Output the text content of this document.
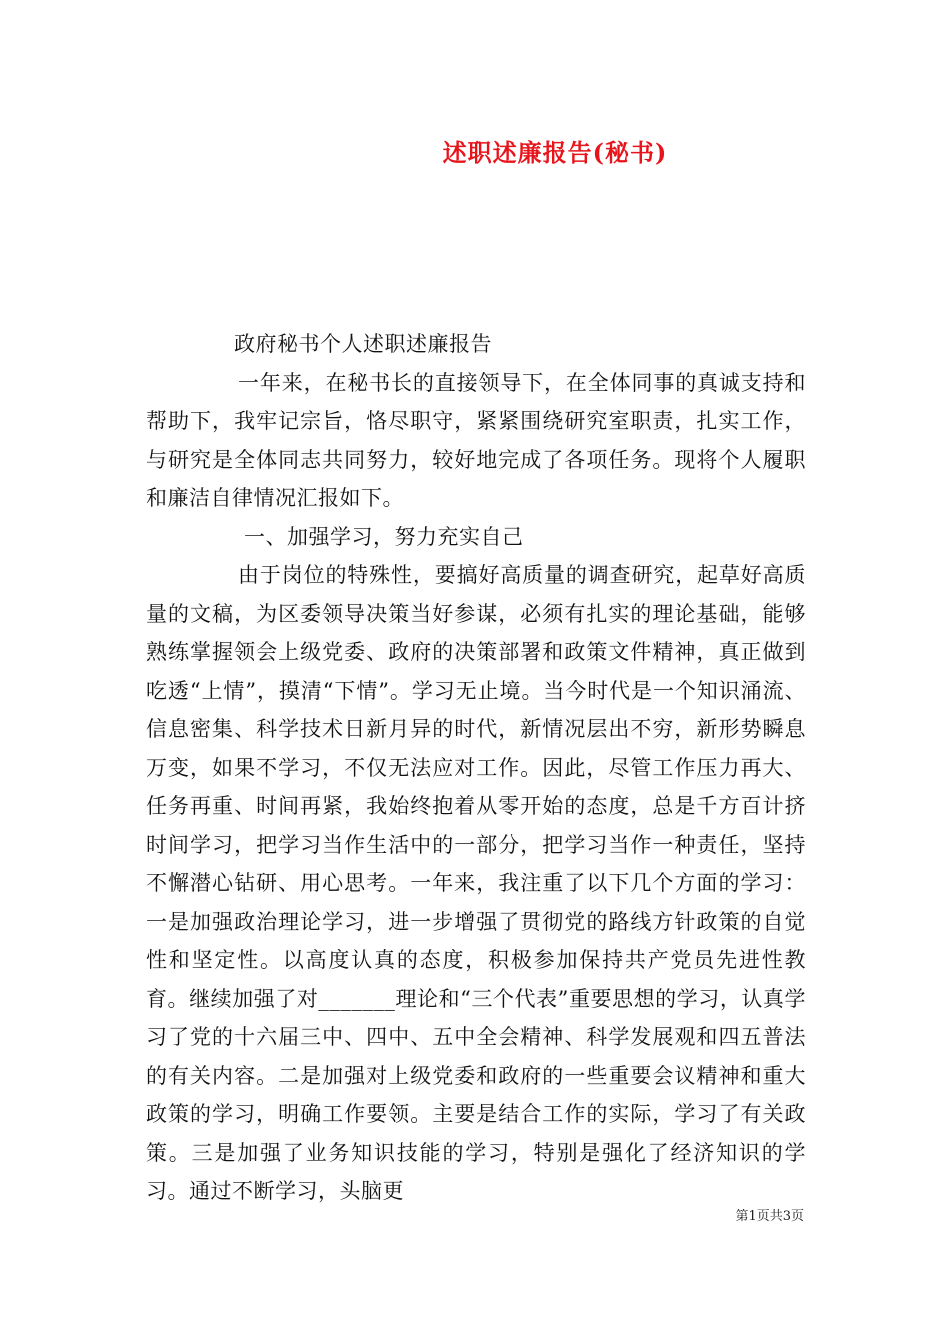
述职述廉报告(秘书)

政府秘书个人述职述廉报告

一年来，在秘书长的直接领导下，在全体同事的真诚支持和帮助下，我牢记宗旨，恪尽职守，紧紧围绕研究室职责，扎实工作，与研究是全体同志共同努力，较好地完成了各项任务。现将个人履职和廉洁自律情况汇报如下。

一、加强学习，努力充实自己

由于岗位的特殊性，要搞好高质量的调查研究，起草好高质量的文稿，为区委领导决策当好参谋，必须有扎实的理论基础，能够熟练掌握领会上级党委、政府的决策部署和政策文件精神，真正做到吃透“上情”，摸清“下情”。学习无止境。当今时代是一个知识涌流、信息密集、科学技术日新月异的时代，新情况层出不穷，新形势瞬息万变，如果不学习，不仅无法应对工作。因此，尽管工作压力再大、任务再重、时间再紧，我始终抱着从零开始的态度，总是千方百计挤时间学习，把学习当作生活中的一部分，把学习当作一种责任，坚持不懈潜心钻研、用心思考。一年来，我注重了以下几个方面的学习：一是加强政治理论学习，进一步增强了贯彻党的路线方针政策的自觉性和坚定性。以高度认真的态度，积极参加保持共产党员先进性教育。继续加强了对_______理论和“三个代表”重要思想的学习，认真学习了党的十六届三中、四中、五中全会精神、科学发展观和四五普法的有关内容。二是加强对上级党委和政府的一些重要会议精神和重大政策的学习，明确工作要领。主要是结合工作的实际，学习了有关政策。三是加强了业务知识技能的学习，特别是强化了经济知识的学习。通过不断学习，头脑更

第1页共3页
